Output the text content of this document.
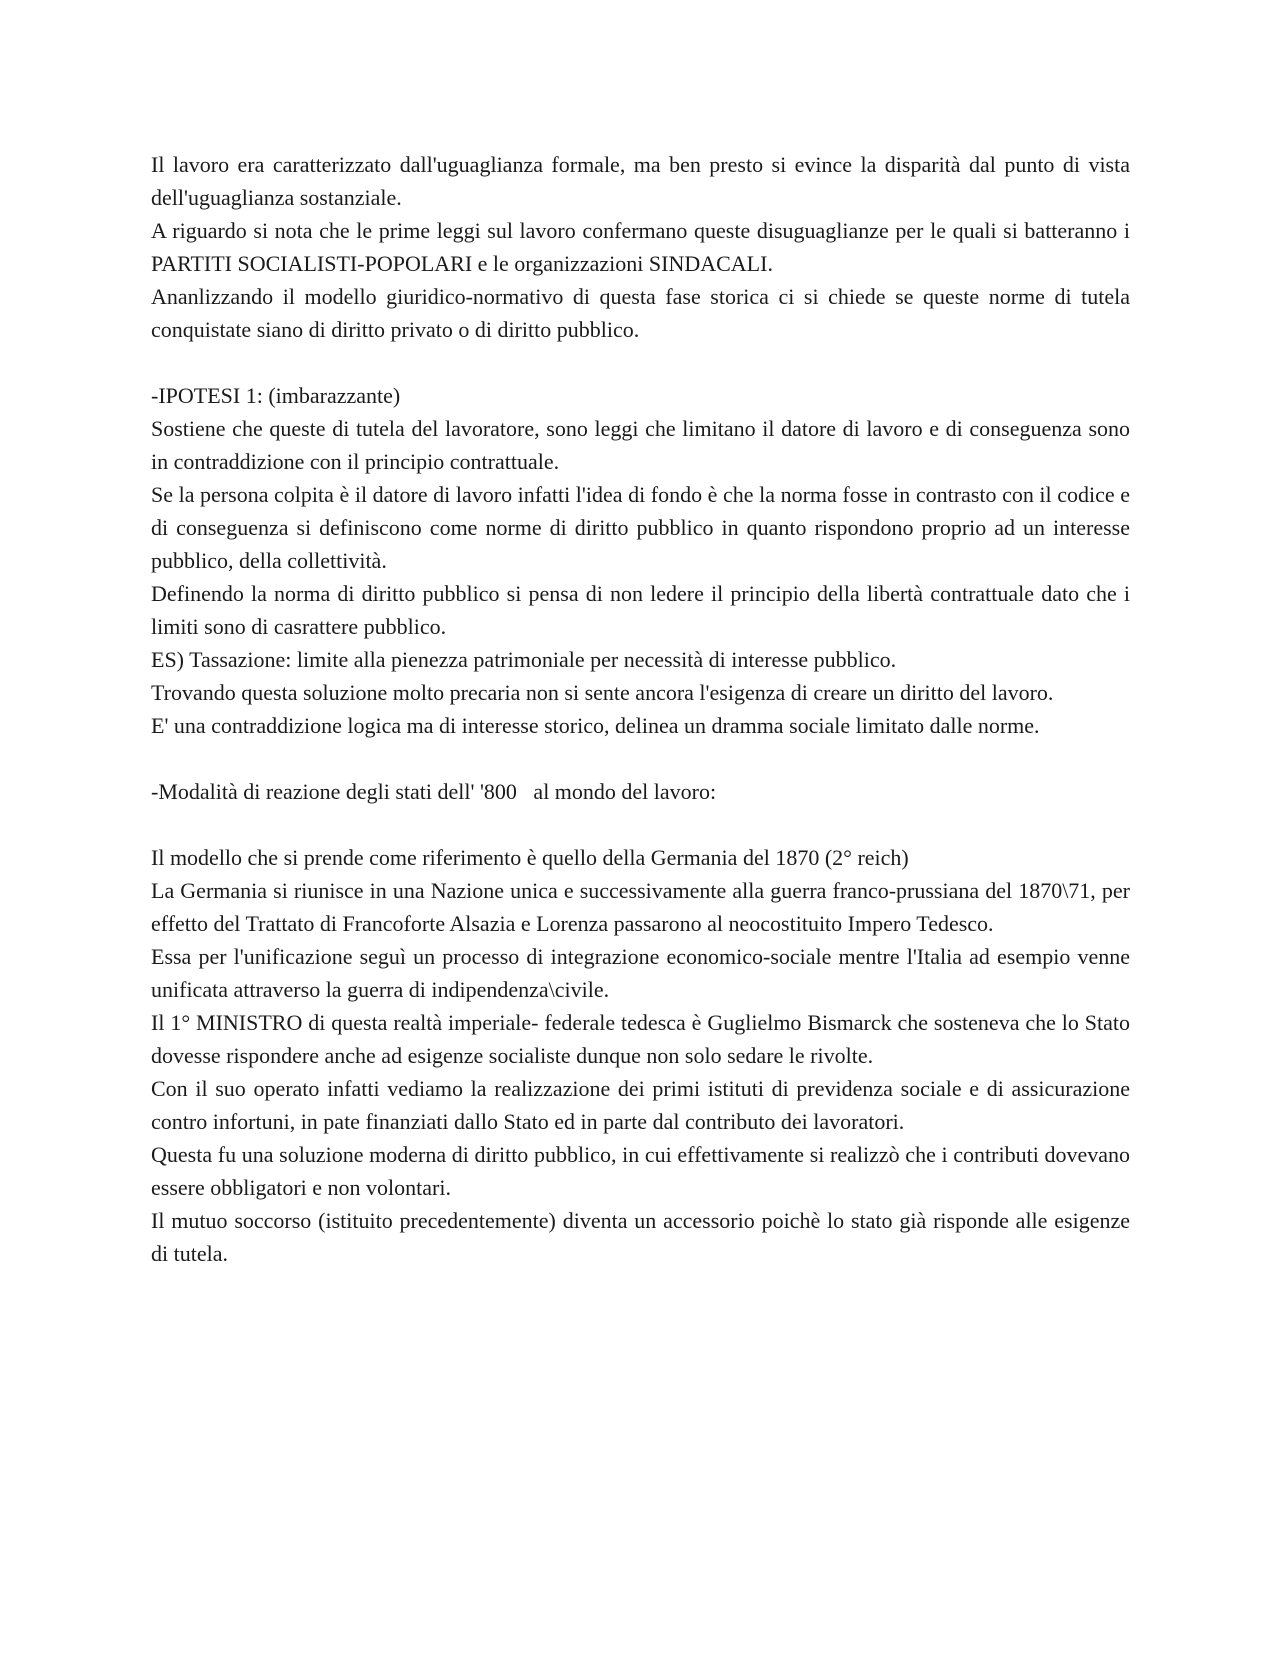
Il lavoro era caratterizzato dall'uguaglianza formale, ma ben presto si evince la disparità dal punto di vista dell'uguaglianza sostanziale.

A riguardo si nota che le prime leggi sul lavoro confermano queste disuguaglianze per le quali si batteranno i PARTITI SOCIALISTI-POPOLARI e le organizzazioni SINDACALI.

Ananlizzando il modello giuridico-normativo di questa fase storica ci si chiede se queste norme di tutela conquistate siano di diritto privato o di diritto pubblico.

-IPOTESI 1: (imbarazzante)

Sostiene che queste di tutela del lavoratore, sono leggi che limitano il datore di lavoro e di conseguenza sono in contraddizione con il principio contrattuale.

Se la persona colpita è il datore di lavoro infatti l'idea di fondo è che la norma fosse in contrasto con il codice e di conseguenza si definiscono come norme di diritto pubblico in quanto rispondono proprio ad un interesse pubblico, della collettività.

Definendo la norma di diritto pubblico si pensa di non ledere il principio della libertà contrattuale dato che i limiti sono di casrattere pubblico.

ES) Tassazione: limite alla pienezza patrimoniale per necessità di interesse pubblico.

Trovando questa soluzione molto precaria non si sente ancora l'esigenza di creare un diritto del lavoro.

E' una contraddizione logica ma di interesse storico, delinea un dramma sociale limitato dalle norme.

-Modalità di reazione degli stati dell' '800   al mondo del lavoro:

Il modello che si prende come riferimento è quello della Germania del 1870 (2° reich)

La Germania si riunisce in una Nazione unica e successivamente alla guerra franco-prussiana del 1870\71, per effetto del Trattato di Francoforte Alsazia e Lorenza passarono al neocostituito Impero Tedesco.

Essa per l'unificazione seguì un processo di integrazione economico-sociale mentre l'Italia ad esempio venne unificata attraverso la guerra di indipendenza\civile.

Il 1° MINISTRO di questa realtà imperiale- federale tedesca è Guglielmo Bismarck che sosteneva che lo Stato dovesse rispondere anche ad esigenze socialiste dunque non solo sedare le rivolte.

Con il suo operato infatti vediamo la realizzazione dei primi istituti di previdenza sociale e di assicurazione contro infortuni, in pate finanziati dallo Stato ed in parte dal contributo dei lavoratori.

Questa fu una soluzione moderna di diritto pubblico, in cui effettivamente si realizzò che i contributi dovevano essere obbligatori e non volontari.

Il mutuo soccorso (istituito precedentemente) diventa un accessorio poichè lo stato già risponde alle esigenze di tutela.
